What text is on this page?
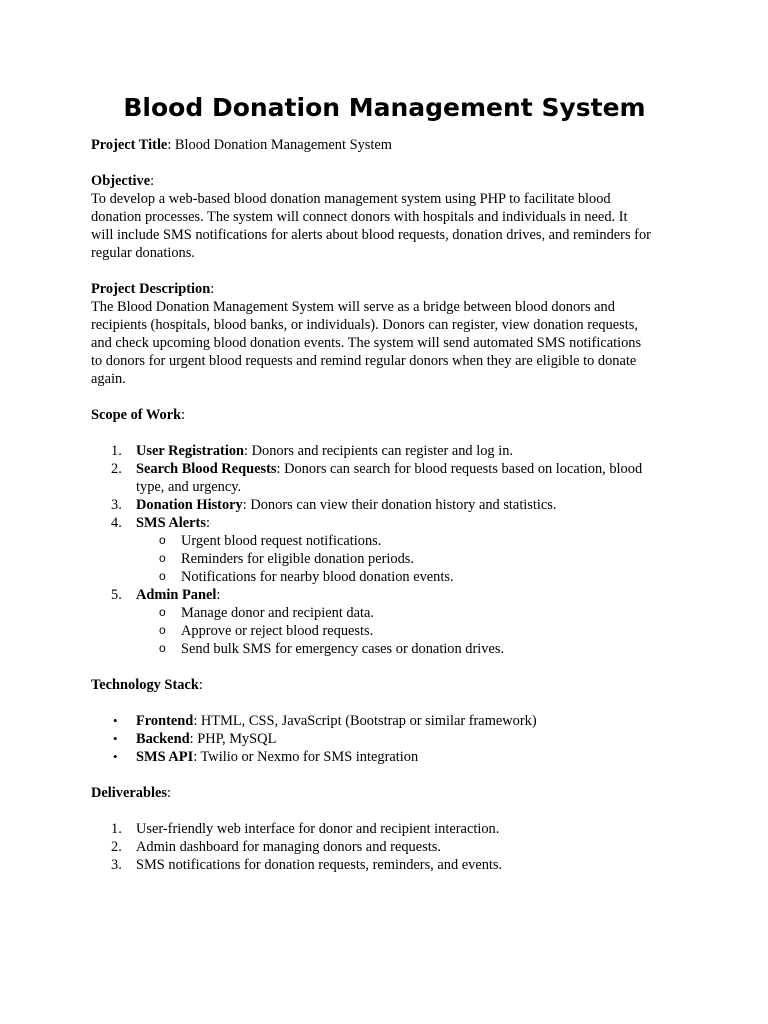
Blood Donation Management System

Project Title: Blood Donation Management System

Objective:

To develop a web-based blood donation management system using PHP to facilitate blood
donation processes. The system will connect donors with hospitals and individuals in need. It
will include SMS notifications for alerts about blood requests, donation drives, and reminders for
regular donations.

Project Description:

The Blood Donation Management System will serve as a bridge between blood donors and
recipients (hospitals, blood banks, or individuals). Donors can register, view donation requests,
and check upcoming blood donation events. The system will send automated SMS notifications
to donors for urgent blood requests and remind regular donors when they are eligible to donate
again.

Scope of Work:

1. User Registration: Donors and recipients can register and log in.
2. Search Blood Requests: Donors can search for blood requests based on location, blood
type, and urgency.
3. Donation History: Donors can view their donation history and statistics.
4. SMS Alerts:
o Urgent blood request notifications.
o Reminders for eligible donation periods.
o Notifications for nearby blood donation events.
5. Admin Panel:
o Manage donor and recipient data.
o Approve or reject blood requests.
o Send bulk SMS for emergency cases or donation drives.

Technology Stack:

• Frontend: HTML, CSS, JavaScript (Bootstrap or similar framework)
• Backend: PHP, MySQL
• SMS API: Twilio or Nexmo for SMS integration

Deliverables:

1. User-friendly web interface for donor and recipient interaction.
2. Admin dashboard for managing donors and requests.
3. SMS notifications for donation requests, reminders, and events.
